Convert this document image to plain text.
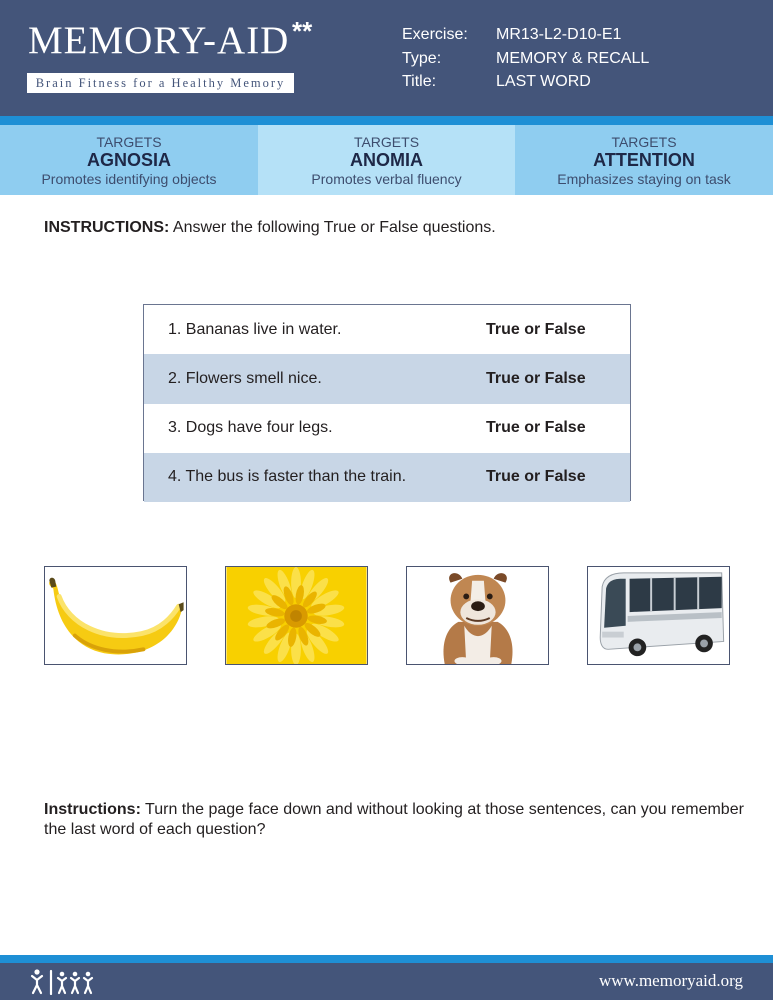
MEMORY-AID **
Brain Fitness for a Healthy Memory
Exercise: MR13-L2-D10-E1
Type:	MEMORY & RECALL
Title:	LAST WORD
TARGETS
AGNOSIA
Promotes identifying objects
TARGETS
ANOMIA
Promotes verbal fluency
TARGETS
ATTENTION
Emphasizes staying on task
INSTRUCTIONS: Answer the following True or False questions.
1. Bananas live in water.	True or False
2. Flowers smell nice.	True or False
3. Dogs have four legs.	True or False
4. The bus is faster than the train.	True or False
Instructions: Turn the page face down and without looking at those sentences, can you remember the last word of each question?
www.memoryaid.org
